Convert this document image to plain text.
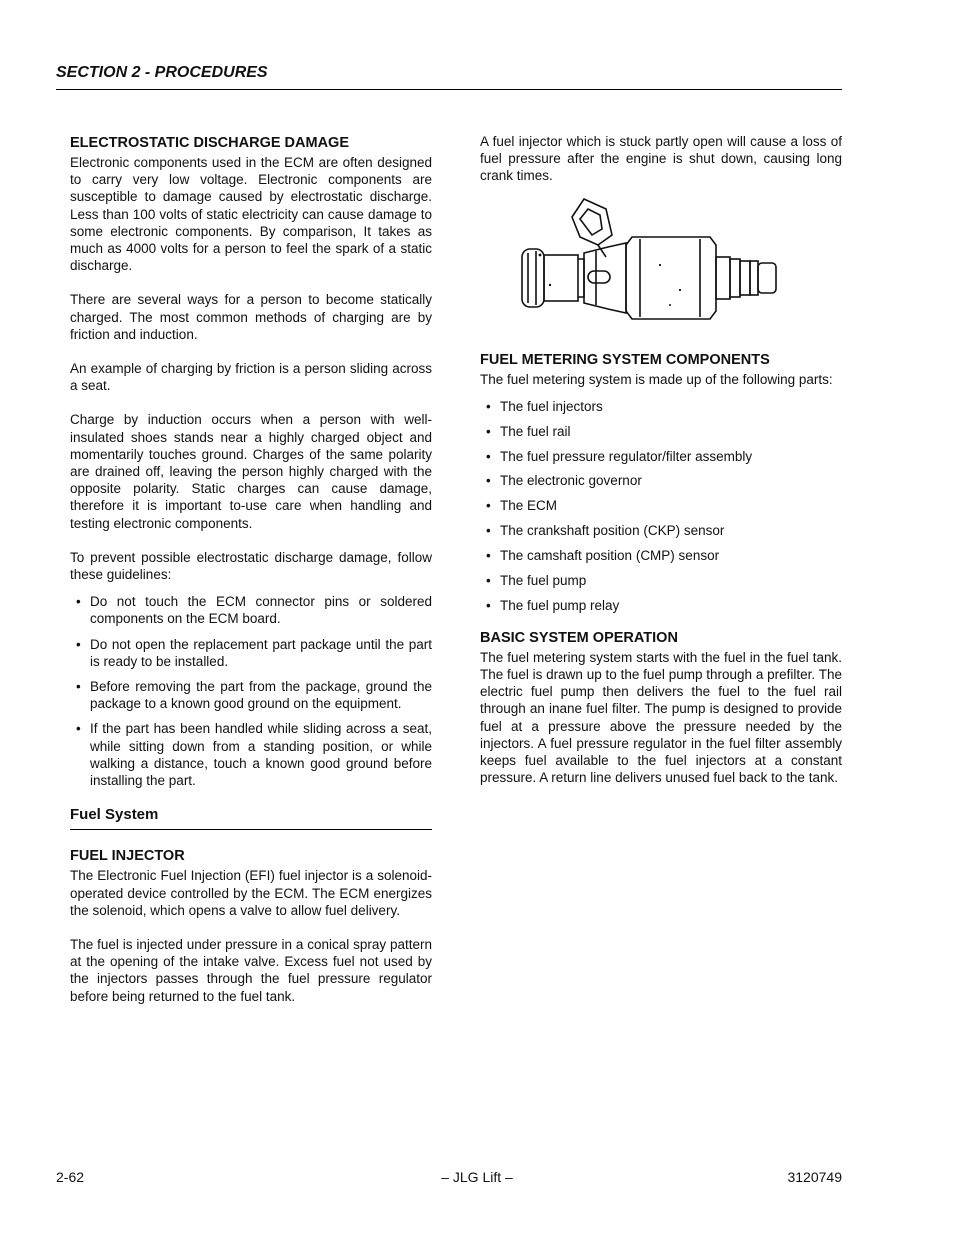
SECTION 2 - PROCEDURES
ELECTROSTATIC DISCHARGE DAMAGE

Electronic components used in the ECM are often designed to carry very low voltage. Electronic components are susceptible to damage caused by electrostatic discharge. Less than 100 volts of static electricity can cause damage to some electronic components. By comparison, It takes as much as 4000 volts for a person to feel the spark of a static discharge.

There are several ways for a person to become statically charged. The most common methods of charging are by friction and induction.

An example of charging by friction is a person sliding across a seat.

Charge by induction occurs when a person with well-insulated shoes stands near a highly charged object and momentarily touches ground. Charges of the same polarity are drained off, leaving the person highly charged with the opposite polarity. Static charges can cause damage, therefore it is important to-use care when handling and testing electronic components.

To prevent possible electrostatic discharge damage, follow these guidelines:

• Do not touch the ECM connector pins or soldered components on the ECM board.
• Do not open the replacement part package until the part is ready to be installed.
• Before removing the part from the package, ground the package to a known good ground on the equipment.
• If the part has been handled while sliding across a seat, while sitting down from a standing position, or while walking a distance, touch a known good ground before installing the part.
Fuel System
FUEL INJECTOR

The Electronic Fuel Injection (EFI) fuel injector is a solenoid-operated device controlled by the ECM. The ECM energizes the solenoid, which opens a valve to allow fuel delivery.

The fuel is injected under pressure in a conical spray pattern at the opening of the intake valve. Excess fuel not used by the injectors passes through the fuel pressure regulator before being returned to the fuel tank.

A fuel injector which is stuck partly open will cause a loss of fuel pressure after the engine is shut down, causing long crank times.

FUEL METERING SYSTEM COMPONENTS

The fuel metering system is made up of the following parts:

• The fuel injectors
• The fuel rail
• The fuel pressure regulator/filter assembly
• The electronic governor
• The ECM
• The crankshaft position (CKP) sensor
• The camshaft position (CMP) sensor
• The fuel pump
• The fuel pump relay
BASIC SYSTEM OPERATION

The fuel metering system starts with the fuel in the fuel tank. The fuel is drawn up to the fuel pump through a prefilter. The electric fuel pump then delivers the fuel to the fuel rail through an inane fuel filter. The pump is designed to provide fuel at a pressure above the pressure needed by the injectors. A fuel pressure regulator in the fuel filter assembly keeps fuel available to the fuel injectors at a constant pressure. A return line delivers unused fuel back to the tank.

2-62	– JLG Lift –	3120749
